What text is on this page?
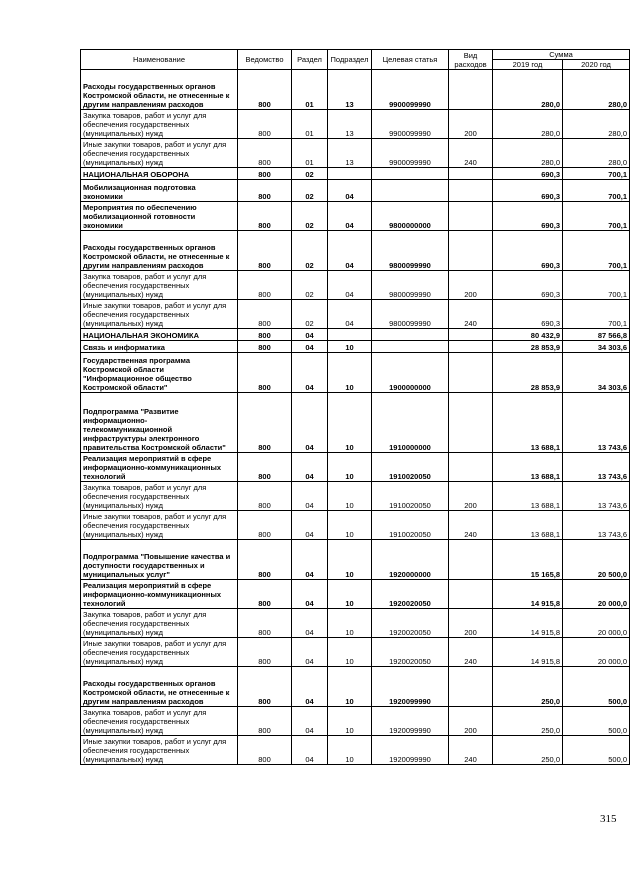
Наименование	Ведомство	Раздел	Подраздел	Целевая статья	Вид расходов	Сумма	
						2019 год	2020 год
Расходы государственных органов Костромской области, не отнесенные к другим направлениям расходов	800	01	13	9900099990		280,0	280,0
Закупка товаров, работ и услуг для обеспечения государственных (муниципальных) нужд	800	01	13	9900099990	200	280,0	280,0
Иные закупки товаров, работ и услуг для обеспечения государственных (муниципальных) нужд	800	01	13	9900099990	240	280,0	280,0
НАЦИОНАЛЬНАЯ ОБОРОНА	800	02				690,3	700,1
Мобилизационная подготовка экономики	800	02	04			690,3	700,1
Мероприятия по обеспечению мобилизационной готовности экономики	800	02	04	9800000000		690,3	700,1
Расходы государственных органов Костромской области, не отнесенные к другим направлениям расходов	800	02	04	9800099990		690,3	700,1
Закупка товаров, работ и услуг для обеспечения государственных (муниципальных) нужд	800	02	04	9800099990	200	690,3	700,1
Иные закупки товаров, работ и услуг для обеспечения государственных (муниципальных) нужд	800	02	04	9800099990	240	690,3	700,1
НАЦИОНАЛЬНАЯ ЭКОНОМИКА	800	04				80 432,9	87 566,8
Связь и информатика	800	04	10			28 853,9	34 303,6
Государственная программа Костромской области "Информационное общество Костромской области"	800	04	10	1900000000		28 853,9	34 303,6
Подпрограмма "Развитие информационно-телекоммуникационной инфраструктуры электронного правительства Костромской области"	800	04	10	1910000000		13 688,1	13 743,6
Реализация мероприятий в сфере информационно-коммуникационных технологий	800	04	10	1910020050		13 688,1	13 743,6
Закупка товаров, работ и услуг для обеспечения государственных (муниципальных) нужд	800	04	10	1910020050	200	13 688,1	13 743,6
Иные закупки товаров, работ и услуг для обеспечения государственных (муниципальных) нужд	800	04	10	1910020050	240	13 688,1	13 743,6
Подпрограмма "Повышение качества и доступности государственных и муниципальных услуг"	800	04	10	1920000000		15 165,8	20 500,0
Реализация мероприятий в сфере информационно-коммуникационных технологий	800	04	10	1920020050		14 915,8	20 000,0
Закупка товаров, работ и услуг для обеспечения государственных (муниципальных) нужд	800	04	10	1920020050	200	14 915,8	20 000,0
Иные закупки товаров, работ и услуг для обеспечения государственных (муниципальных) нужд	800	04	10	1920020050	240	14 915,8	20 000,0
Расходы государственных органов Костромской области, не отнесенные к другим направлениям расходов	800	04	10	1920099990		250,0	500,0
Закупка товаров, работ и услуг для обеспечения государственных (муниципальных) нужд	800	04	10	1920099990	200	250,0	500,0
Иные закупки товаров, работ и услуг для обеспечения государственных (муниципальных) нужд	800	04	10	1920099990	240	250,0	500,0
315
